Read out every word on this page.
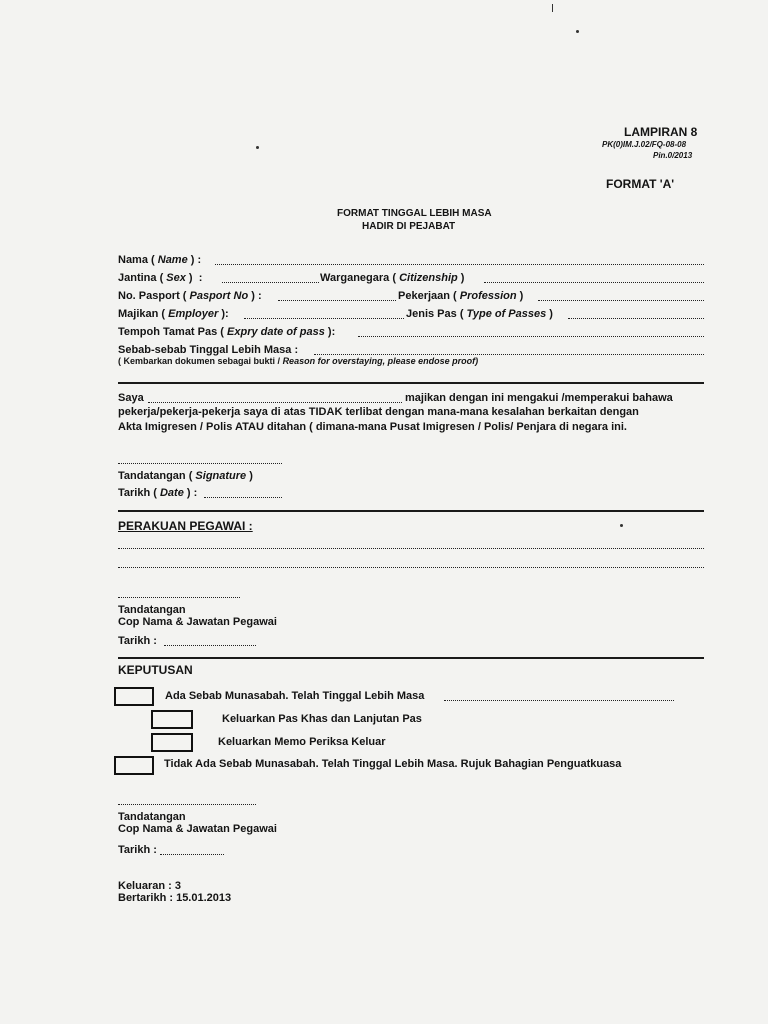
LAMPIRAN 8
PK(0)IM.J.02/FQ-08-08
Pin.0/2013
FORMAT 'A'
FORMAT TINGGAL LEBIH MASA
HADIR DI PEJABAT
Nama ( Name ) :
Jantina ( Sex )  :	Warganegara ( Citizenship )
No. Pasport ( Pasport No ) :	Pekerjaan ( Profession )
Majikan ( Employer ):	Jenis Pas ( Type of Passes )
Tempoh Tamat Pas ( Expry date of pass ):
Sebab-sebab Tinggal Lebih Masa :
( Kembarkan dokumen sebagai bukti / Reason for overstaying, please endose proof)
Saya	majikan dengan ini mengakui /memperakui bahawa
pekerja/pekerja-pekerja saya di atas TIDAK terlibat dengan mana-mana kesalahan berkaitan dengan
Akta Imigresen / Polis ATAU ditahan ( dimana-mana Pusat Imigresen / Polis/ Penjara di negara ini.
Tandatangan ( Signature )
Tarikh ( Date ) :
PERAKUAN PEGAWAI :
Tandatangan
Cop Nama & Jawatan Pegawai
Tarikh :
KEPUTUSAN
Ada Sebab Munasabah. Telah Tinggal Lebih Masa
Keluarkan Pas Khas dan Lanjutan Pas
Keluarkan Memo Periksa Keluar
Tidak Ada Sebab Munasabah. Telah Tinggal Lebih Masa. Rujuk Bahagian Penguatkuasa
Tandatangan
Cop Nama & Jawatan Pegawai
Tarikh :
Keluaran : 3
Bertarikh : 15.01.2013
